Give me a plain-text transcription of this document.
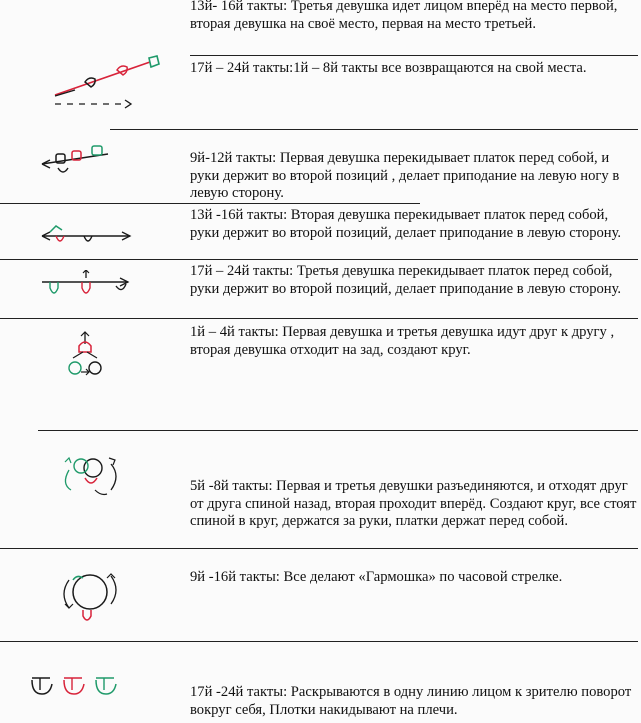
13й- 16й такты: Третья девушка идет лицом вперёд на место первой, вторая девушка на своё место, первая на место третьей.
17й – 24й такты:1й – 8й такты все возвращаются на свой места.
9й-12й такты: Первая девушка перекидывает платок перед собой, и руки держит во второй позиций , делает приподание на левую ногу в левую сторону.
13й -16й такты: Вторая девушка перекидывает платок перед собой, руки держит во второй позиций, делает приподание в левую сторону.
17й – 24й такты: Третья девушка перекидывает платок перед собой, руки держит во второй позиций, делает приподание в левую сторону.
1й – 4й такты: Первая девушка и третья девушка идут друг к другу , вторая девушка отходит на зад, создают круг.
5й -8й такты: Первая и третья девушки разъединяются, и отходят друг от друга спиной назад, вторая проходит вперёд. Создают круг, все стоят спиной в круг, держатся за руки, платки держат перед собой.
9й -16й такты: Все делают «Гармошка» по часовой стрелке.
17й -24й такты: Раскрываются в одну линию лицом к зрителю поворот вокруг себя, Плотки накидывают на плечи.
